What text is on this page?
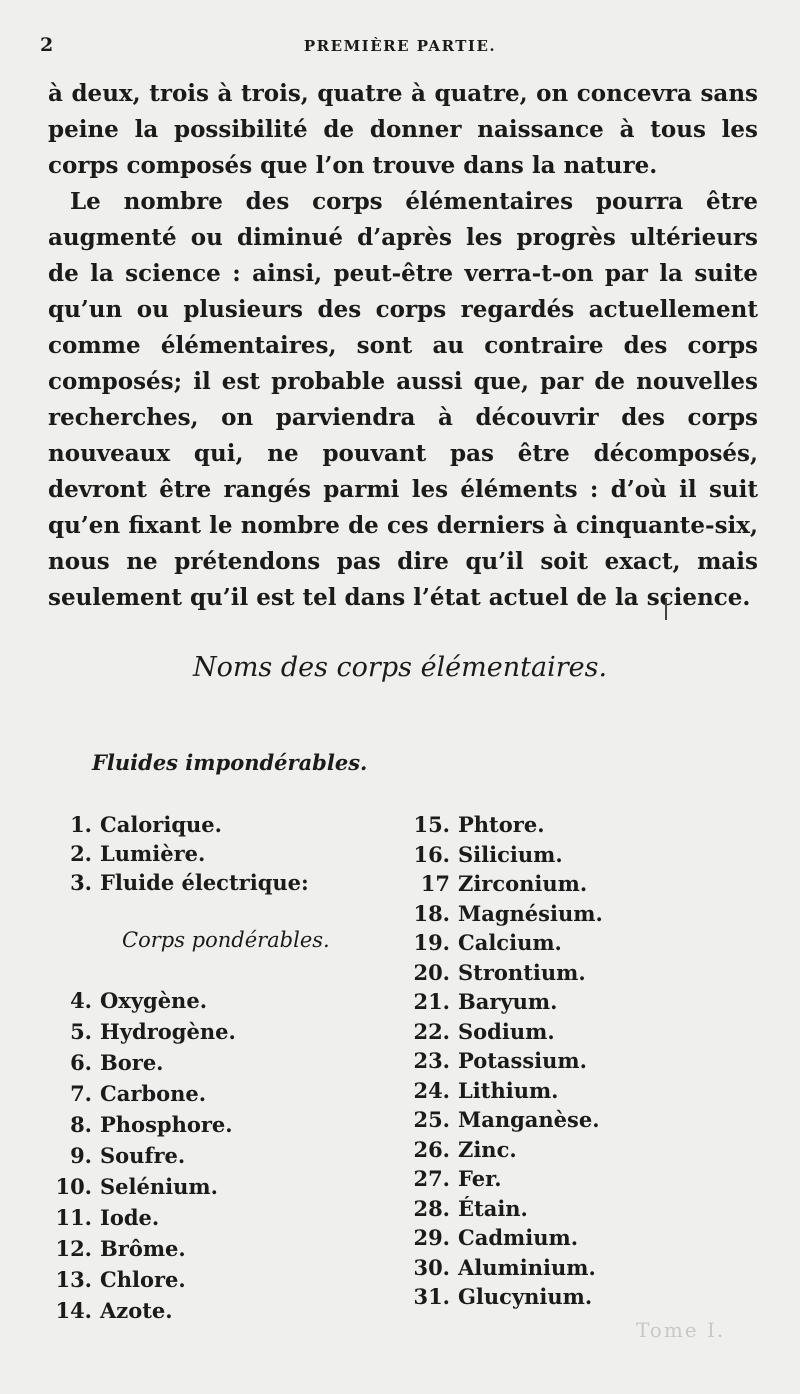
2	PREMIÈRE PARTIE.

à deux, trois à trois, quatre à quatre, on concevra sans peine la possibilité de donner naissance à tous les corps composés que l’on trouve dans la nature.

Le nombre des corps élémentaires pourra être augmenté ou diminué d’après les progrès ultérieurs de la science : ainsi, peut-être verra-t-on par la suite qu’un ou plusieurs des corps regardés actuellement comme élémentaires, sont au contraire des corps composés; il est probable aussi que, par de nouvelles recherches, on parviendra à découvrir des corps nouveaux qui, ne pouvant pas être décomposés, devront être rangés parmi les éléments : d’où il suit qu’en fixant le nombre de ces derniers à cinquante-six, nous ne prétendons pas dire qu’il soit exact, mais seulement qu’il est tel dans l’état actuel de la science.

Noms des corps élémentaires.
Fluides impondérables.
1. Calorique.
2. Lumière.
3. Fluide électrique:
Corps pondérables.
4. Oxygène.
5. Hydrogène.
6. Bore.
7. Carbone.
8. Phosphore.
9. Soufre.
10. Selénium.
11. Iode.
12. Brôme.
13. Chlore.
14. Azote.
15. Phtore.
16. Silicium.
17 Zirconium.
18. Magnésium.
19. Calcium.
20. Strontium.
21. Baryum.
22. Sodium.
23. Potassium.
24. Lithium.
25. Manganèse.
26. Zinc.
27. Fer.
28. Étain.
29. Cadmium.
30. Aluminium.
31. Glucynium.
Tome I.
